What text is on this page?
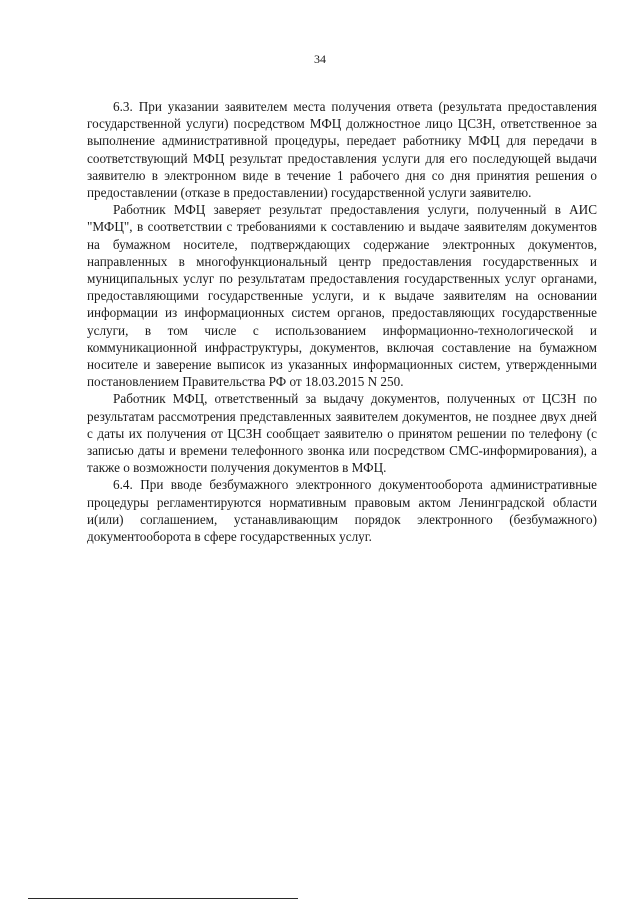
34

6.3. При указании заявителем места получения ответа (результата предоставления государственной услуги) посредством МФЦ должностное лицо ЦСЗН, ответственное за выполнение административной процедуры, передает работнику МФЦ для передачи в соответствующий МФЦ результат предоставления услуги для его последующей выдачи заявителю в электронном виде в течение 1 рабочего дня со дня принятия решения о предоставлении (отказе в предоставлении) государственной услуги заявителю.

Работник МФЦ заверяет результат предоставления услуги, полученный в АИС "МФЦ", в соответствии с требованиями к составлению и выдаче заявителям документов на бумажном носителе, подтверждающих содержание электронных документов, направленных в многофункциональный центр предоставления государственных и муниципальных услуг по результатам предоставления государственных услуг органами, предоставляющими государственные услуги, и к выдаче заявителям на основании информации из информационных систем органов, предоставляющих государственные услуги, в том числе с использованием информационно-технологической и коммуникационной инфраструктуры, документов, включая составление на бумажном носителе и заверение выписок из указанных информационных систем, утвержденными постановлением Правительства РФ от 18.03.2015 N 250.

Работник МФЦ, ответственный за выдачу документов, полученных от ЦСЗН по результатам рассмотрения представленных заявителем документов, не позднее двух дней с даты их получения от ЦСЗН сообщает заявителю о принятом решении по телефону (с записью даты и времени телефонного звонка или посредством СМС-информирования), а также о возможности получения документов в МФЦ.

6.4. При вводе безбумажного электронного документооборота административные процедуры регламентируются нормативным правовым актом Ленинградской области и(или) соглашением, устанавливающим порядок электронного (безбумажного) документооборота в сфере государственных услуг.
